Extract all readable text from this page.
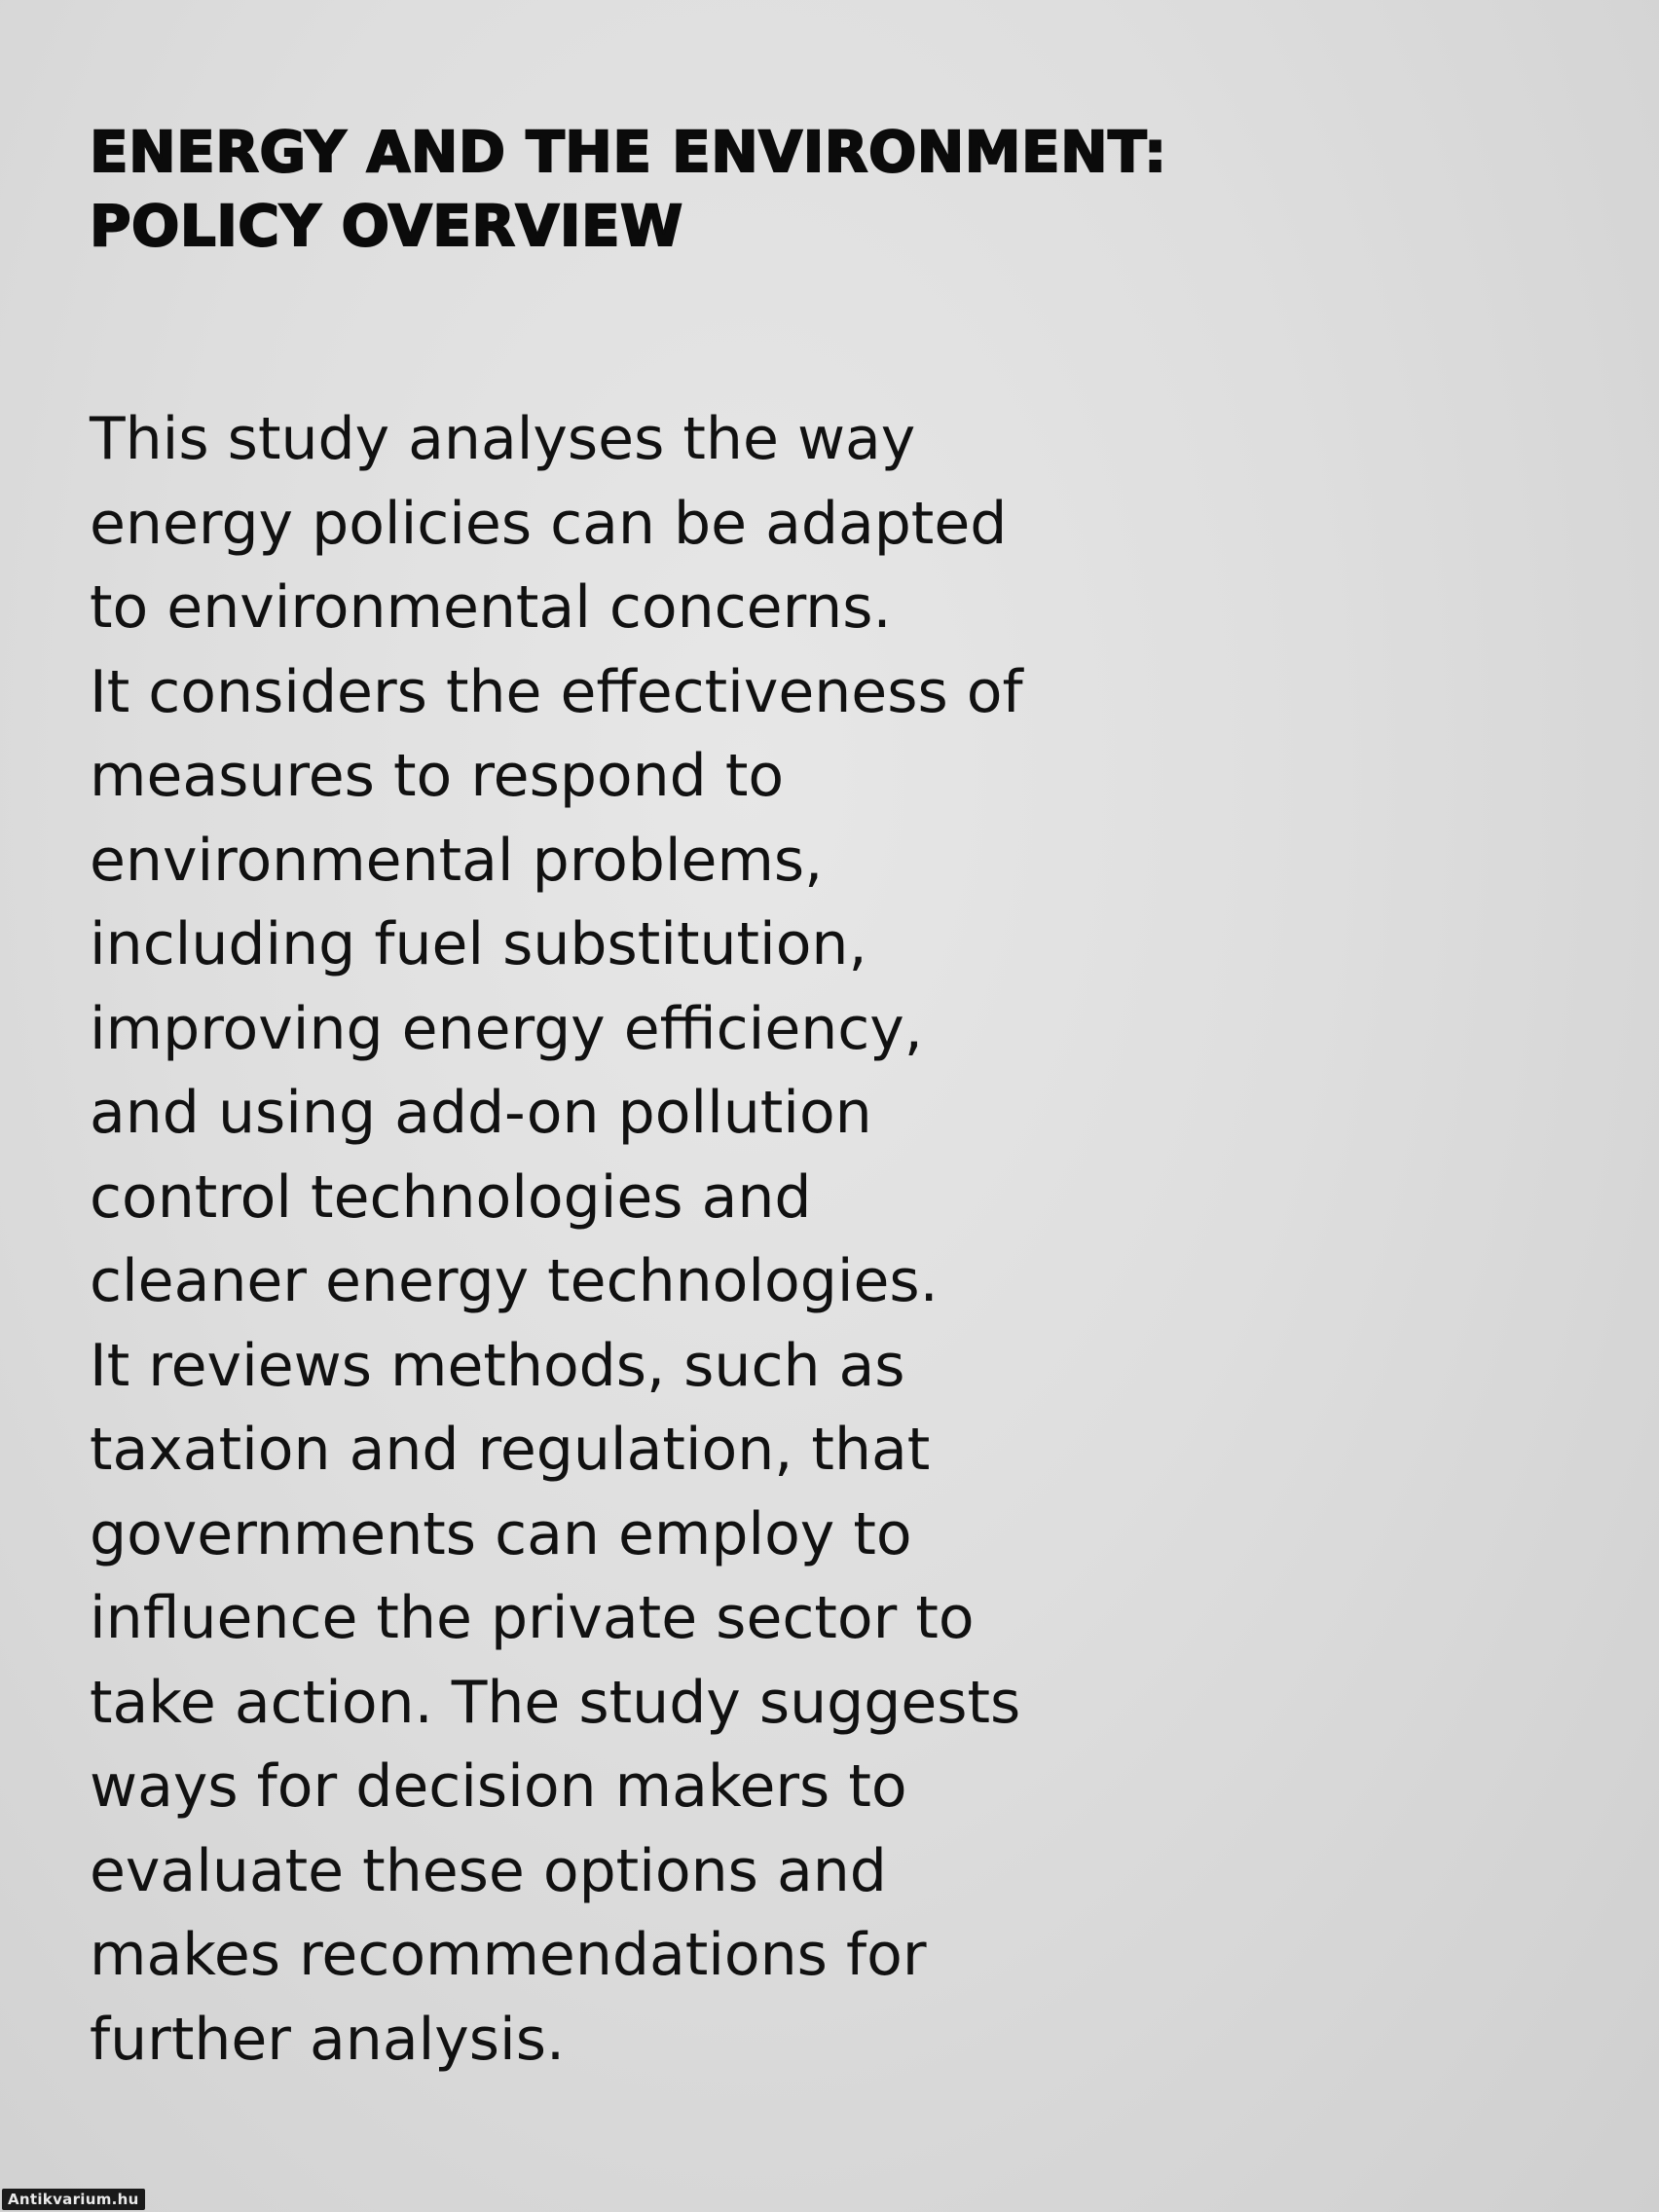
ENERGY AND THE ENVIRONMENT:
POLICY OVERVIEW

This study analyses the way
energy policies can be adapted
to environmental concerns.
It considers the effectiveness of
measures to respond to
environmental problems,
including fuel substitution,
improving energy efficiency,
and using add-on pollution
control technologies and
cleaner energy technologies.
It reviews methods, such as
taxation and regulation, that
governments can employ to
influence the private sector to
take action. The study suggests
ways for decision makers to
evaluate these options and
makes recommendations for
further analysis.

Antikvarium.hu
